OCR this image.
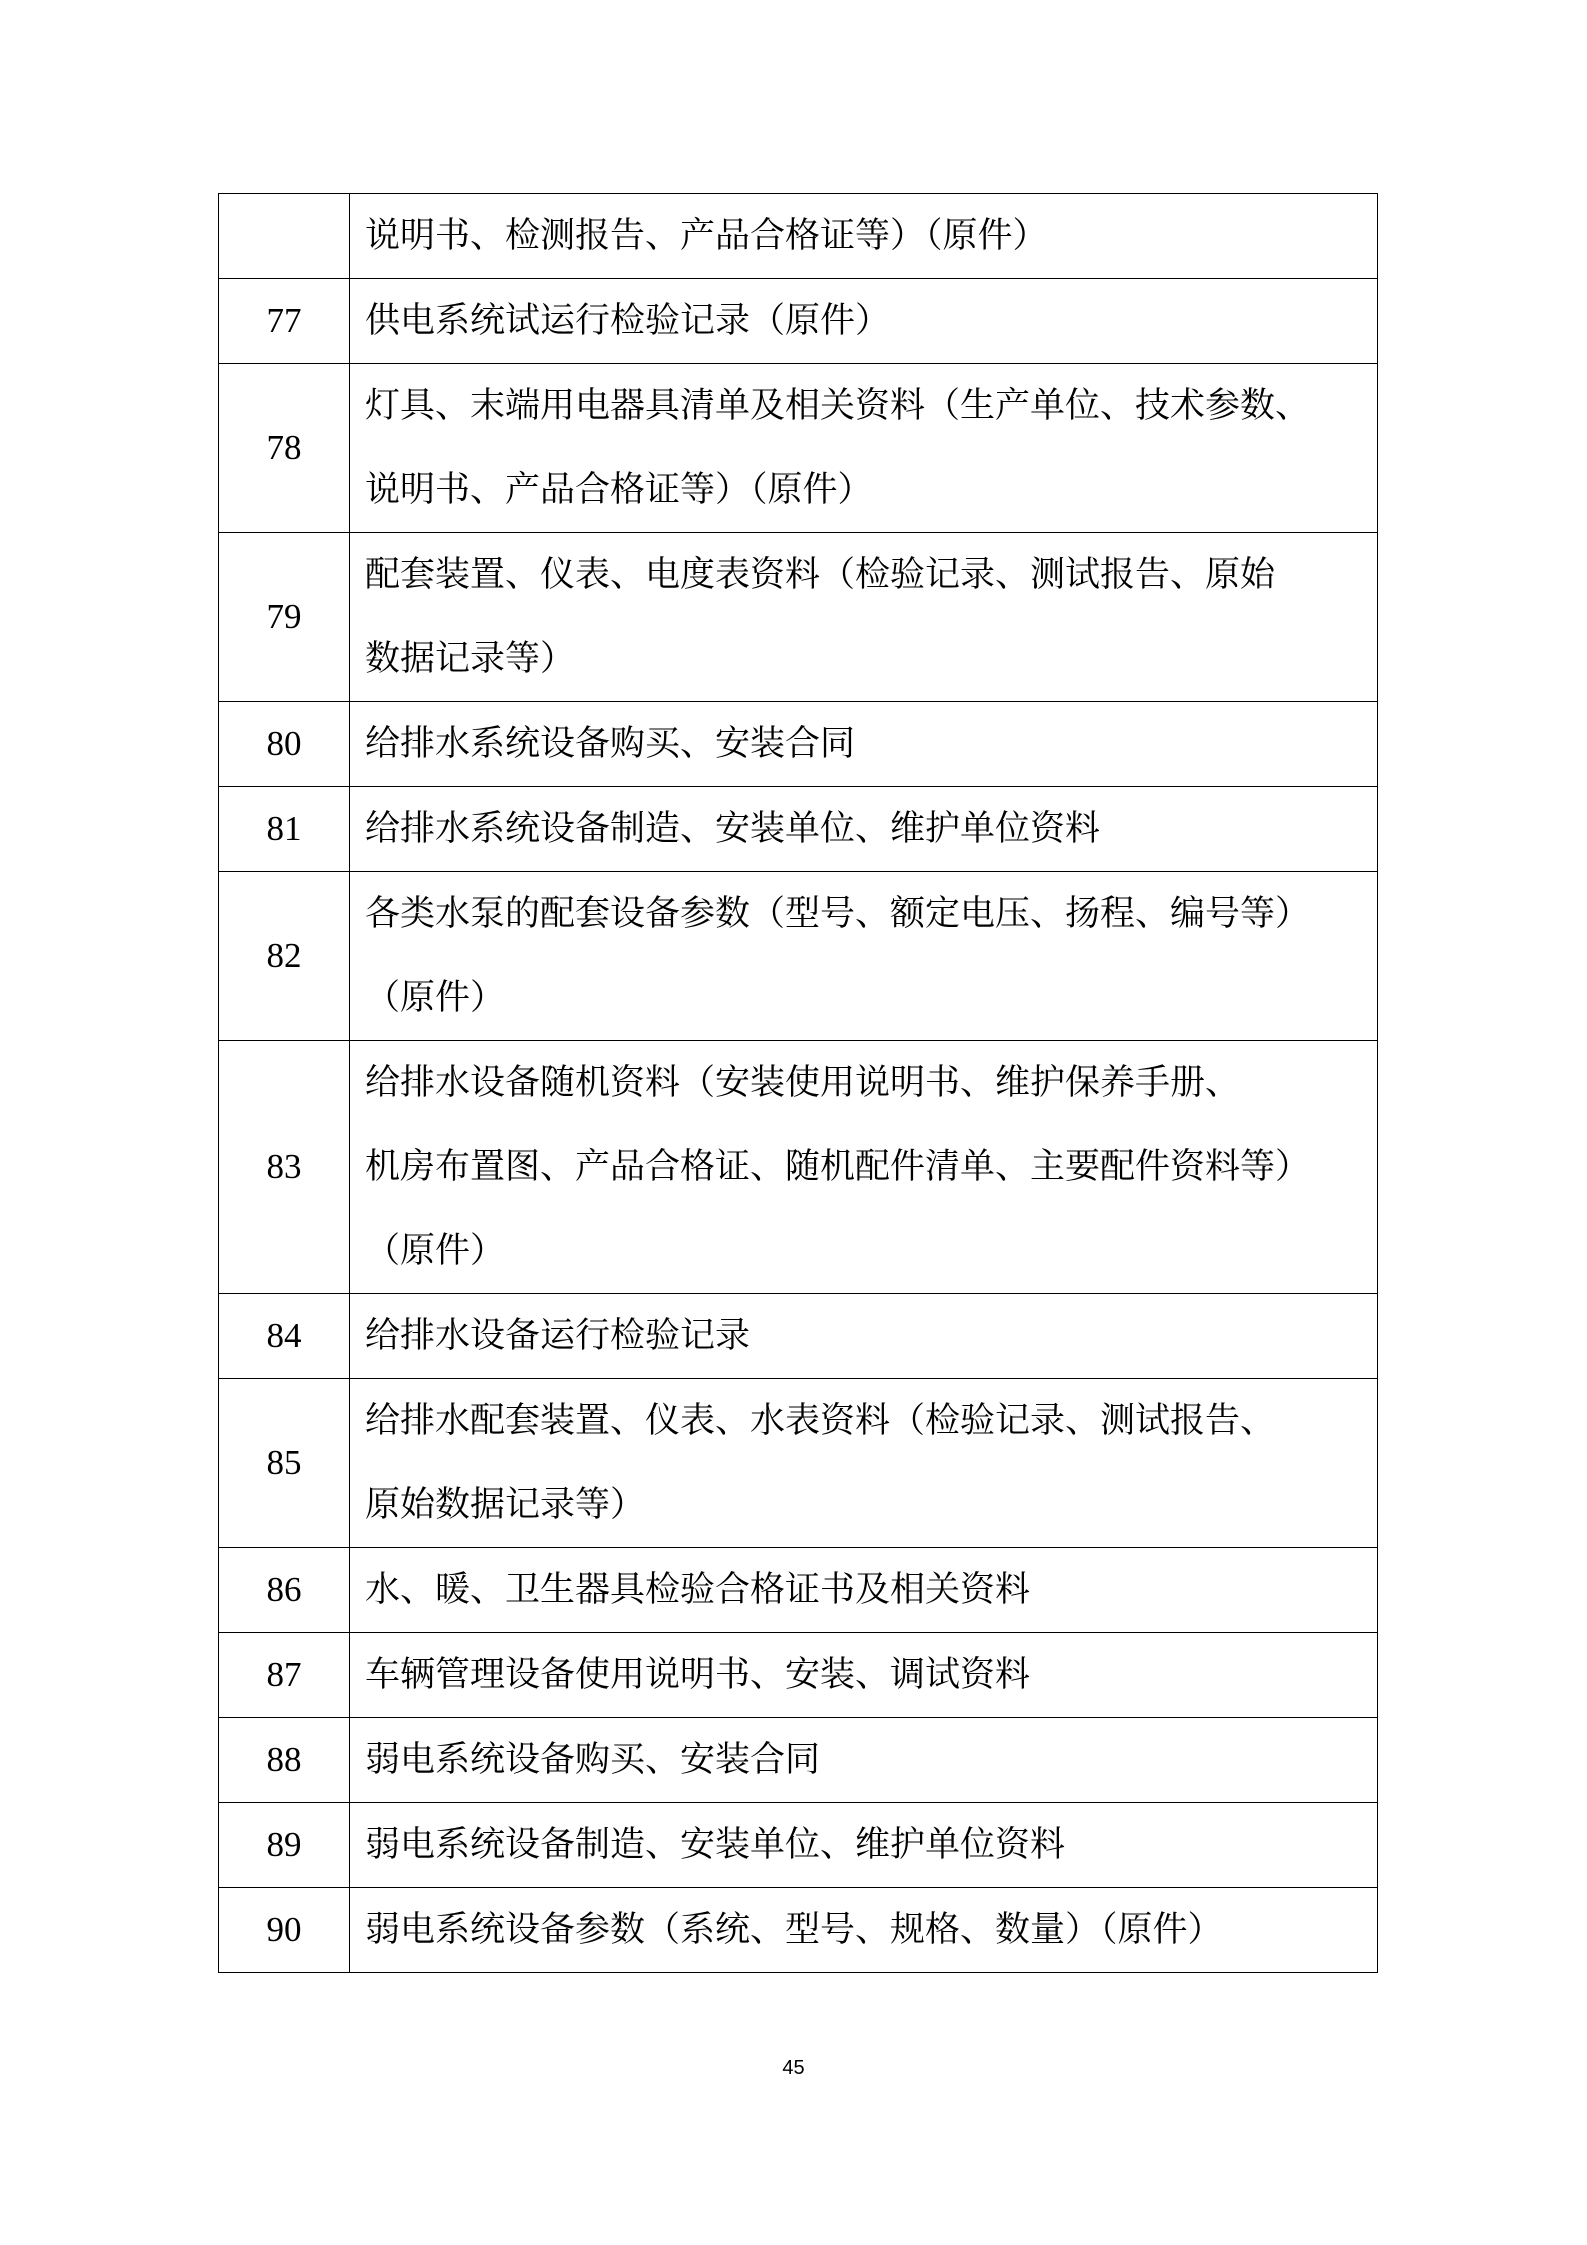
	说明书、检测报告、产品合格证等）（原件）

77	供电系统试运行检验记录（原件）

78	灯具、末端用电器具清单及相关资料（生产单位、技术参数、
说明书、产品合格证等）（原件）

79	配套装置、仪表、电度表资料（检验记录、测试报告、原始
数据记录等）

80	给排水系统设备购买、安装合同

81	给排水系统设备制造、安装单位、维护单位资料

82	各类水泵的配套设备参数（型号、额定电压、扬程、编号等）
（原件）

83	给排水设备随机资料（安装使用说明书、维护保养手册、
机房布置图、产品合格证、随机配件清单、主要配件资料等）
（原件）

84	给排水设备运行检验记录

85	给排水配套装置、仪表、水表资料（检验记录、测试报告、
原始数据记录等）

86	水、暖、卫生器具检验合格证书及相关资料

87	车辆管理设备使用说明书、安装、调试资料

88	弱电系统设备购买、安装合同

89	弱电系统设备制造、安装单位、维护单位资料

90	弱电系统设备参数（系统、型号、规格、数量）（原件）
45
